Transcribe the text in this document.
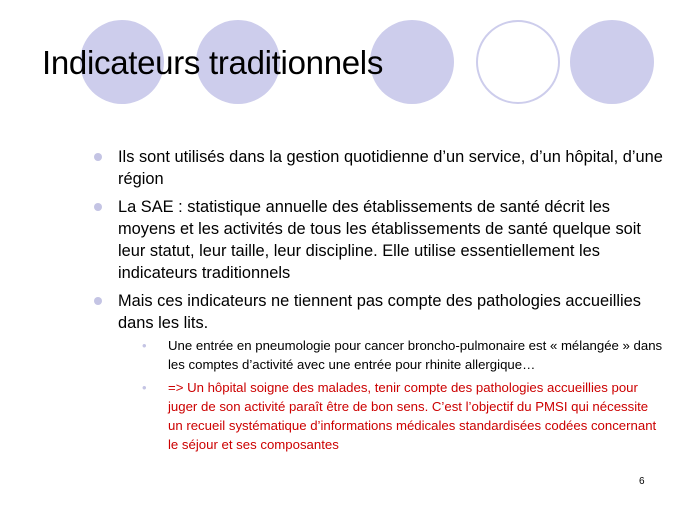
Indicateurs traditionnels
Ils sont utilisés dans la gestion quotidienne d’un service, d’un hôpital, d’une région
La SAE : statistique annuelle des établissements de santé décrit les moyens et les activités de tous les établissements de santé quelque soit leur statut, leur taille, leur discipline. Elle utilise essentiellement les indicateurs traditionnels
Mais ces indicateurs ne tiennent pas compte des pathologies accueillies dans les lits.
• Une entrée en pneumologie pour cancer broncho-pulmonaire est « mélangée » dans les comptes d’activité avec une entrée pour rhinite allergique…
• => Un hôpital soigne des malades, tenir compte des pathologies accueillies pour juger de son activité paraît être de bon sens. C’est l’objectif du PMSI qui nécessite un recueil systématique d’informations médicales standardisées codées concernant le séjour et ses composantes
6
